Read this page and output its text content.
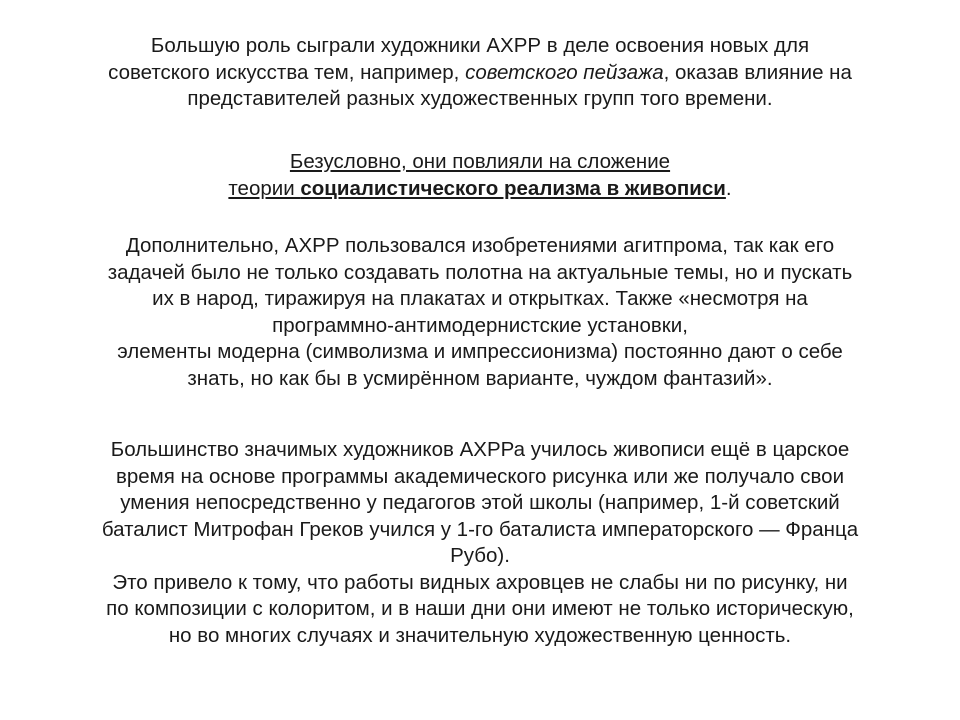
Большую роль сыграли художники АХРР в деле освоения новых для
советского искусства тем, например, советского пейзажа, оказав влияние на
представителей разных художественных групп того времени.

Безусловно, они повлияли на сложение
теории социалистического реализма в живописи.

Дополнительно, АХРР пользовался изобретениями агитпрома, так как его
задачей было не только создавать полотна на актуальные темы, но и пускать
их в народ, тиражируя на плакатах и открытках. Также «несмотря на
программно-антимодернистские установки,
элементы модерна (символизма и импрессионизма) постоянно дают о себе
знать, но как бы в усмирённом варианте, чуждом фантазий».

Большинство значимых художников АХРРа училось живописи ещё в царское
время на основе программы академического рисунка или же получало свои
умения непосредственно у педагогов этой школы (например, 1-й советский
баталист Митрофан Греков учился у 1-го баталиста императорского — Франца
Рубо).
Это привело к тому, что работы видных ахровцев не слабы ни по рисунку, ни
по композиции с колоритом, и в наши дни они имеют не только историческую,
но во многих случаях и значительную художественную ценность.
